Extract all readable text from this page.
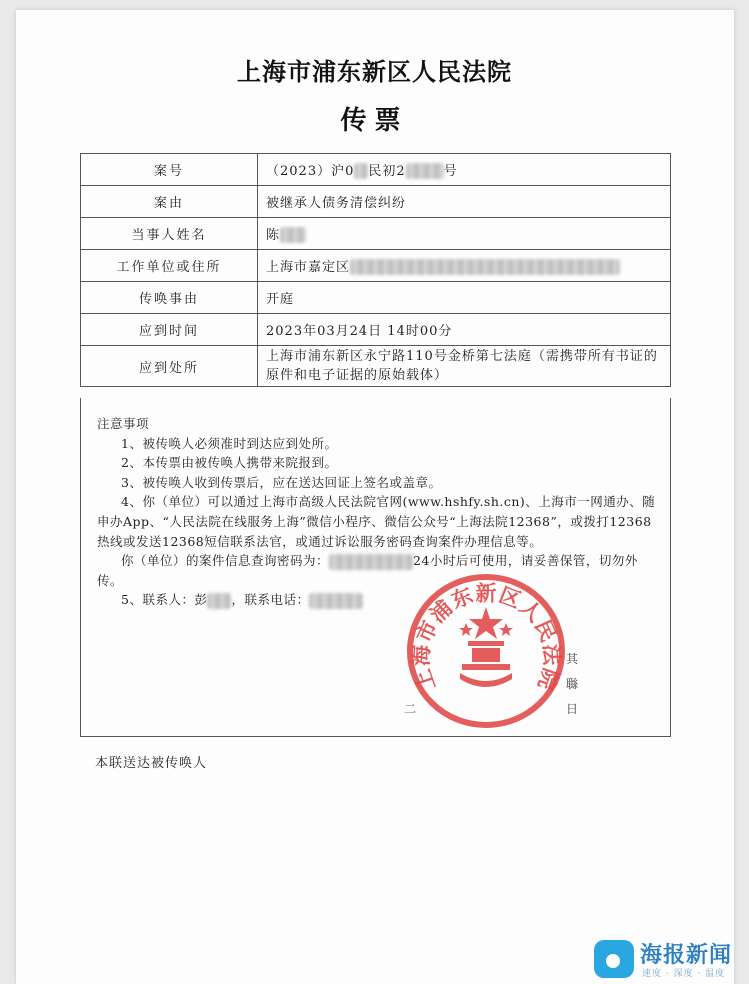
上海市浦东新区人民法院
传票
案号	（2023）沪0 民初2 号
案由	被继承人债务清偿纠纷
当事人姓名	陈
工作单位或住所	上海市嘉定区
传唤事由	开庭
应到时间	2023年03月24日 14时00分
应到处所	上海市浦东新区永宁路110号金桥第七法庭（需携带所有书证的原件和电子证据的原始载体）

注意事项

1、被传唤人必须准时到达应到处所。

2、本传票由被传唤人携带来院报到。

3、被传唤人收到传票后，应在送达回证上签名或盖章。

4、你（单位）可以通过上海市高级人民法院官网(www.hshfy.sh.cn)、上海市一网通办、随申办App、“人民法院在线服务上海”微信小程序、微信公众号“上海法院12368”，或拨打12368热线或发送12368短信联系法官，或通过诉讼服务密码查询案件办理信息等。

你（单位）的案件信息查询密码为：	24小时后可使用，请妥善保管，切勿外传。

5、联系人：彭 ，联系电话：

上海市浦东新区人民法院
其
䏈
二	日
本联送达被传唤人
海报新闻
速度 · 深度 · 温度
